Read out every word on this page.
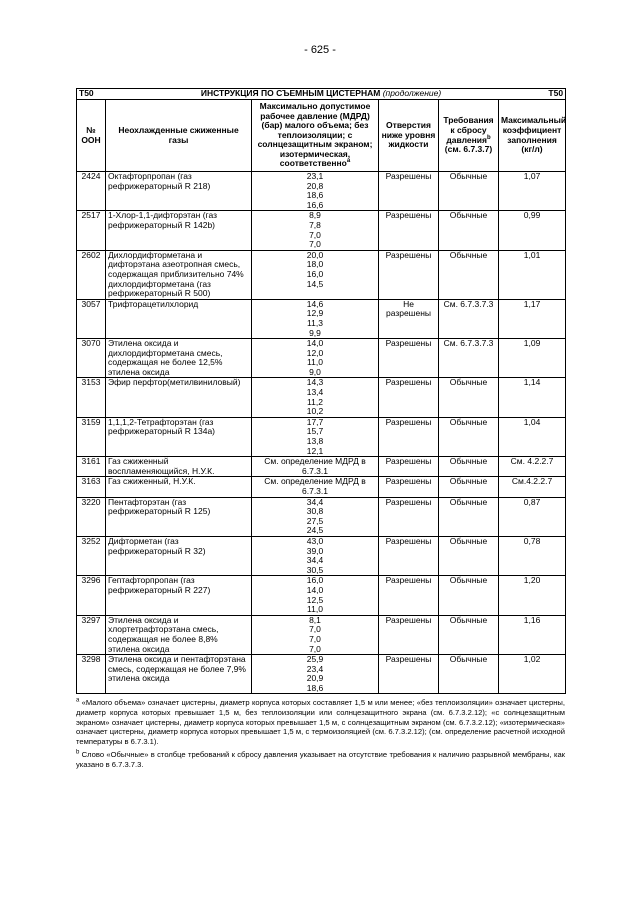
- 625 -
T50 ИНСТРУКЦИЯ ПО СЪЕМНЫМ ЦИСТЕРНАМ (продолжение) T50					

№ ООН	Неохлажденные сжиженные газы	Максимально допустимое рабочее давление (МДРД) (бар) малого объема; без теплоизоляции; с солнцезащитным экраном; изотермическая, соответственно$^a$	Отверстия ниже уровня жидкости	Требования к сбросу давления$^b$ (см. 6.7.3.7)	Максимальный коэффициент заполнения (кг/л)
2424	Октафторпропан (газ рефрижераторный R 218)	23,1
20,8
18,6
16,6	Разрешены	Обычные	1,07
2517	1-Хлор-1,1-дифторэтан (газ рефрижераторный R 142b)	8,9
7,8
7,0
7,0	Разрешены	Обычные	0,99
2602	Дихлордифторметана и дифторэтана азеотропная смесь, содержащая приблизительно 74% дихлордифторметана (газ рефрижераторный R 500)	20,0
18,0
16,0
14,5	Разрешены	Обычные	1,01
3057	Трифторацетилхлорид	14,6
12,9
11,3
9,9	Не разрешены	См. 6.7.3.7.3	1,17
3070	Этилена оксида и дихлордифторметана смесь, содержащая не более 12,5% этилена оксида	14,0
12,0
11,0
9,0	Разрешены	См. 6.7.3.7.3	1,09
3153	Эфир перфтор(метилвиниловый)	14,3
13,4
11,2
10,2	Разрешены	Обычные	1,14
3159	1,1,1,2-Тетрафторэтан (газ рефрижераторный R 134a)	17,7
15,7
13,8
12,1	Разрешены	Обычные	1,04
3161	Газ сжиженный воспламеняющийся, Н.У.К.	См. определение МДРД в 6.7.3.1	Разрешены	Обычные	См. 4.2.2.7
3163	Газ сжиженный, Н.У.К.	См. определение МДРД в 6.7.3.1	Разрешены	Обычные	См.4.2.2.7
3220	Пентафторэтан (газ рефрижераторный R 125)	34,4
30,8
27,5
24,5	Разрешены	Обычные	0,87
3252	Дифторметан (газ рефрижераторный R 32)	43,0
39,0
34,4
30,5	Разрешены	Обычные	0,78
3296	Гептафторпропан (газ рефрижераторный R 227)	16,0
14,0
12,5
11,0	Разрешены	Обычные	1,20
3297	Этилена оксида и хлортетрафторэтана смесь, содержащая не более 8,8% этилена оксида	8,1
7,0
7,0
7,0	Разрешены	Обычные	1,16
3298	Этилена оксида и пентафторэтана смесь, содержащая не более 7,9% этилена оксида	25,9
23,4
20,9
18,6	Разрешены	Обычные	1,02
$^a$ «Малого объема» означает цистерны, диаметр корпуса которых составляет 1,5 м или менее; «без теплоизоляции» означает цистерны, диаметр корпуса которых превышает 1,5 м, без теплоизоляции или солнцезащитного экрана (см. 6.7.3.2.12); «с солнцезащитным экраном» означает цистерны, диаметр корпуса которых превышает 1,5 м, с солнцезащитным экраном (см. 6.7.3.2.12); «изотермическая» означает цистерны, диаметр корпуса которых превышает 1,5 м, с термоизоляцией (см. 6.7.3.2.12); (см. определение расчетной исходной температуры в 6.7.3.1).
$^b$ Слово «Обычные» в столбце требований к сбросу давления указывает на отсутствие требования к наличию разрывной мембраны, как указано в 6.7.3.7.3.
